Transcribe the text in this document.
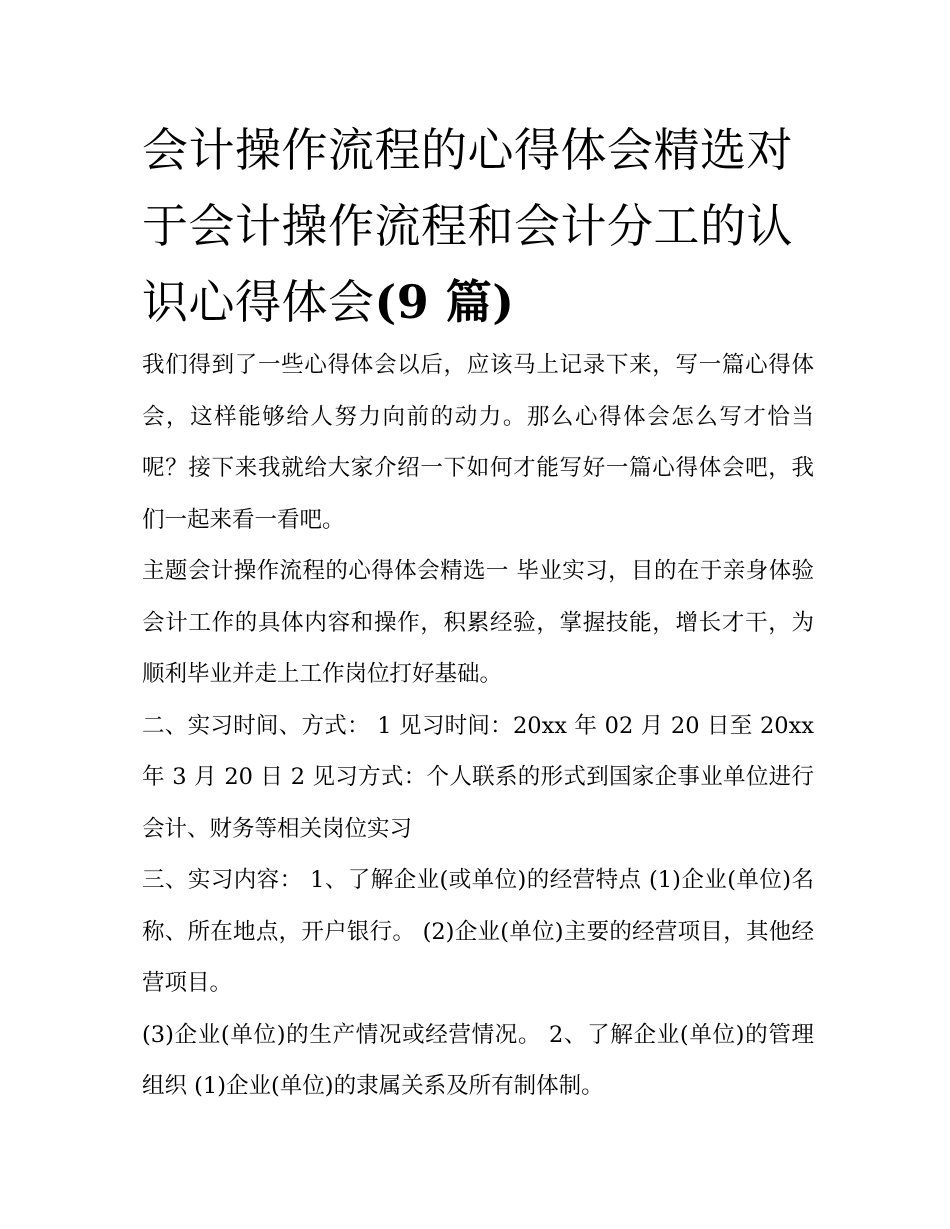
会计操作流程的心得体会精选对于会计操作流程和会计分工的认识心得体会(9 篇)

我们得到了一些心得体会以后，应该马上记录下来，写一篇心得体会，这样能够给人努力向前的动力。那么心得体会怎么写才恰当呢？接下来我就给大家介绍一下如何才能写好一篇心得体会吧，我们一起来看一看吧。

主题会计操作流程的心得体会精选一 毕业实习，目的在于亲身体验会计工作的具体内容和操作，积累经验，掌握技能，增长才干，为顺利毕业并走上工作岗位打好基础。

二、实习时间、方式： 1 见习时间：20xx 年 02 月 20 日至 20xx 年 3 月 20 日 2 见习方式：个人联系的形式到国家企事业单位进行会计、财务等相关岗位实习

三、实习内容： 1、了解企业(或单位)的经营特点 (1)企业(单位)名称、所在地点，开户银行。 (2)企业(单位)主要的经营项目，其他经营项目。

(3)企业(单位)的生产情况或经营情况。 2、了解企业(单位)的管理组织 (1)企业(单位)的隶属关系及所有制体制。
